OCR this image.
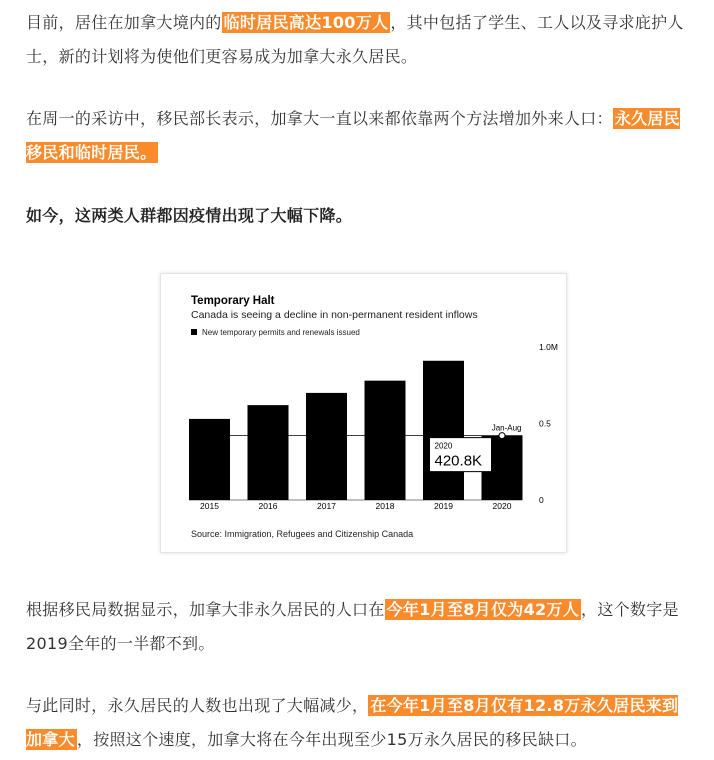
目前，居住在加拿大境内的 临时居民高达100万人 ，其中包括了学生、工人以及寻求庇护人士，新的计划将为使他们更容易成为加拿大永久居民。

在周一的采访中，移民部长表示，加拿大一直以来都依靠两个方法增加外来人口： 永久居民移民和临时居民。

如今，这两类人群都因疫情出现了大幅下降。

Temporary Halt
Canada is seeing a decline in non-permanent resident inflows
New temporary permits and renewals issued
2015	2016	2017	2018	2019	2020
0
0.5
1.0M
Jan-Aug
2020
420.8K
Source: Immigration, Refugees and Citizenship Canada

根据移民局数据显示，加拿大非永久居民的人口在 今年1月至8月仅为42万人 ，这个数字是2019全年的一半都不到。

与此同时，永久居民的人数也出现了大幅减少， 在今年1月至8月仅有12.8万永久居民来到加拿大 ，按照这个速度，加拿大将在今年出现至少15万永久居民的移民缺口。
